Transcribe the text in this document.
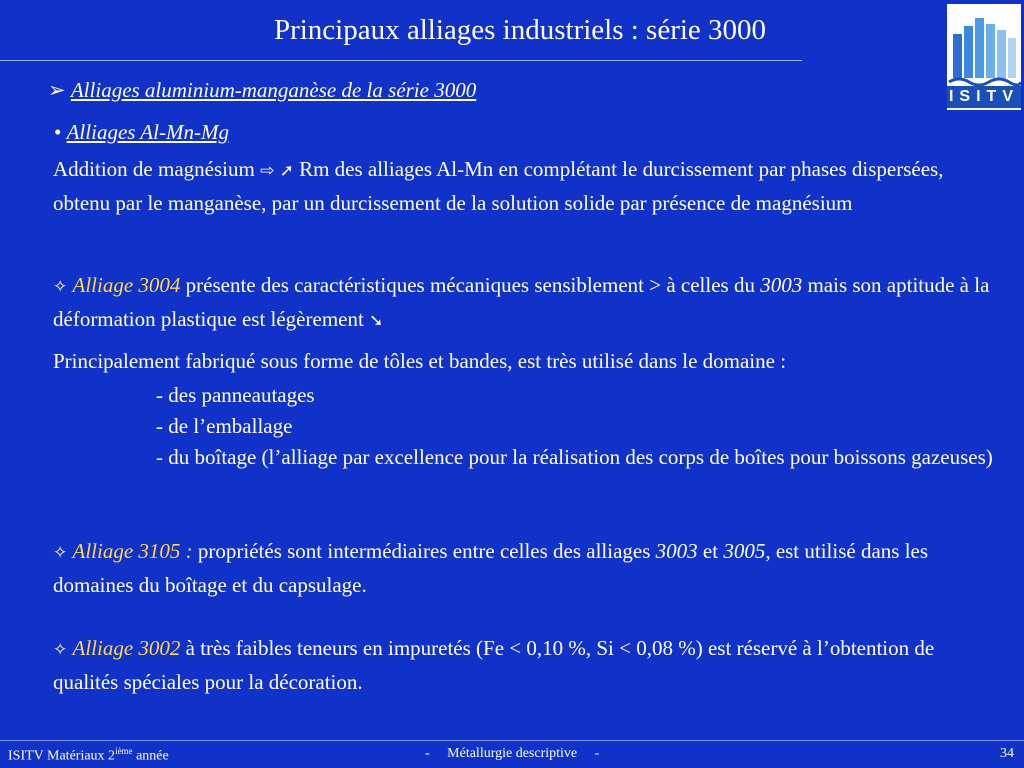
Principaux alliages industriels : série 3000
ISITV
➢ Alliages aluminium-manganèse de la série 3000
• Alliages Al-Mn-Mg
Addition de magnésium ⇨ ➚ Rm des alliages Al-Mn en complétant le durcissement par phases dispersées, obtenu par le manganèse, par un durcissement de la solution solide par présence de magnésium
✧ Alliage 3004 présente des caractéristiques mécaniques sensiblement > à celles du 3003 mais son aptitude à la déformation plastique est légèrement ➘
Principalement fabriqué sous forme de tôles et bandes, est très utilisé dans le domaine :
- des panneautages
- de l’emballage
- du boîtage (l’alliage par excellence pour la réalisation des corps de boîtes pour boissons gazeuses)
✧ Alliage 3105 : propriétés sont intermédiaires entre celles des alliages 3003 et 3005, est utilisé dans les domaines du boîtage et du capsulage.
✧ Alliage 3002 à très faibles teneurs en impuretés (Fe < 0,10 %, Si < 0,08 %) est réservé à l’obtention de qualités spéciales pour la décoration.
ISITV Matériaux 2ième année	-     Métallurgie descriptive     -	34
